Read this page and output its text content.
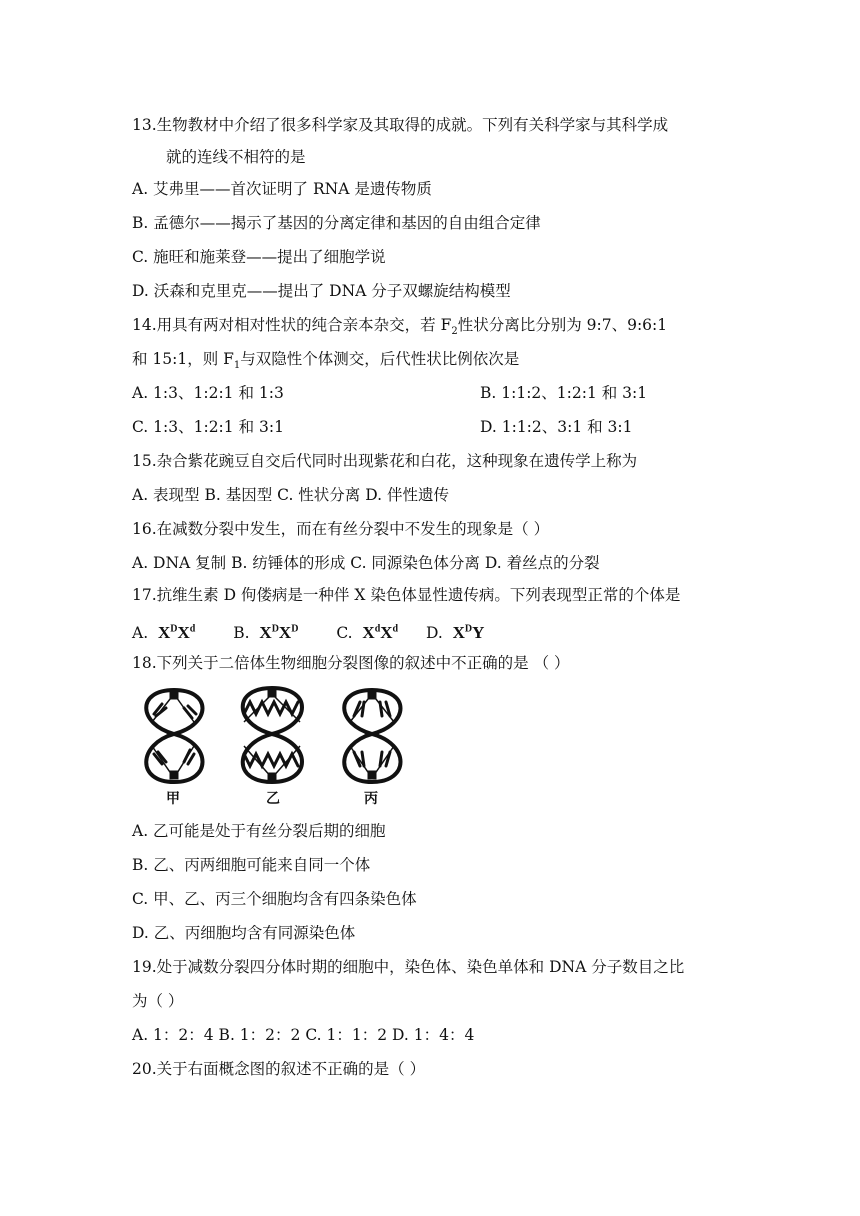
13.生物教材中介绍了很多科学家及其取得的成就。下列有关科学家与其科学成
就的连线不相符的是
A. 艾弗里——首次证明了 RNA 是遗传物质
B. 孟德尔——揭示了基因的分离定律和基因的自由组合定律
C. 施旺和施莱登——提出了细胞学说
D. 沃森和克里克——提出了 DNA 分子双螺旋结构模型
14.用具有两对相对性状的纯合亲本杂交，若 $F_2$性状分离比分别为 9:7、9:6:1
和 15:1，则 $F_1$与双隐性个体测交，后代性状比例依次是
A. 1:3、1:2:1 和 1:3	B. 1:1:2、1:2:1 和 3:1
C. 1:3、1:2:1 和 3:1	D. 1:1:2、3:1 和 3:1
15.杂合紫花豌豆自交后代同时出现紫花和白花，这种现象在遗传学上称为
A. 表现型 B. 基因型 C. 性状分离 D. 伴性遗传
16.在减数分裂中发生，而在有丝分裂中不发生的现象是（ ）
A. DNA 复制 B. 纺锤体的形成 C. 同源染色体分离 D. 着丝点的分裂
17.抗维生素 D 佝偻病是一种伴 X 染色体显性遗传病。下列表现型正常的个体是
A. $X^DX^d$ B. $X^DX^D$ C. $X^dX^d$ D. $X^DY$
18.下列关于二倍体生物细胞分裂图像的叙述中不正确的是 （ ）
甲	乙	丙
A. 乙可能是处于有丝分裂后期的细胞
B. 乙、丙两细胞可能来自同一个体
C. 甲、乙、丙三个细胞均含有四条染色体
D. 乙、丙细胞均含有同源染色体
19.处于减数分裂四分体时期的细胞中，染色体、染色单体和 DNA 分子数目之比
为（ ）
A. 1：2：4 B. 1：2：2 C. 1：1：2 D. 1：4：4
20.关于右面概念图的叙述不正确的是（ ）
